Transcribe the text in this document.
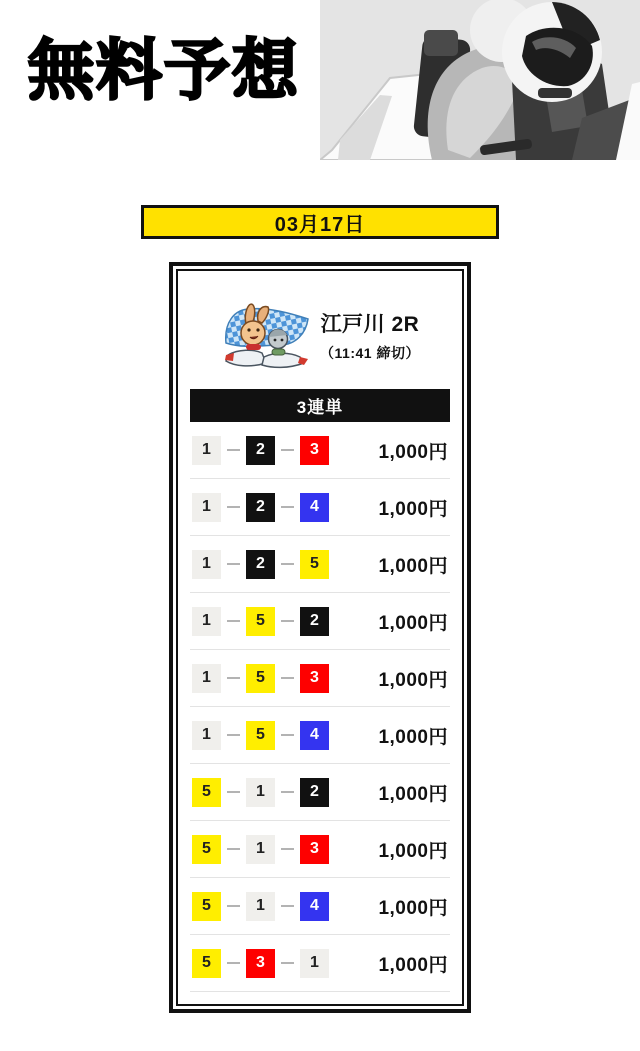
無料予想
03月17日
江戸川 2R
（11:41 締切）
3連単
1	2	3	1,000円
1	2	4	1,000円
1	2	5	1,000円
1	5	2	1,000円
1	5	3	1,000円
1	5	4	1,000円
5	1	2	1,000円
5	1	3	1,000円
5	1	4	1,000円
5	3	1	1,000円
